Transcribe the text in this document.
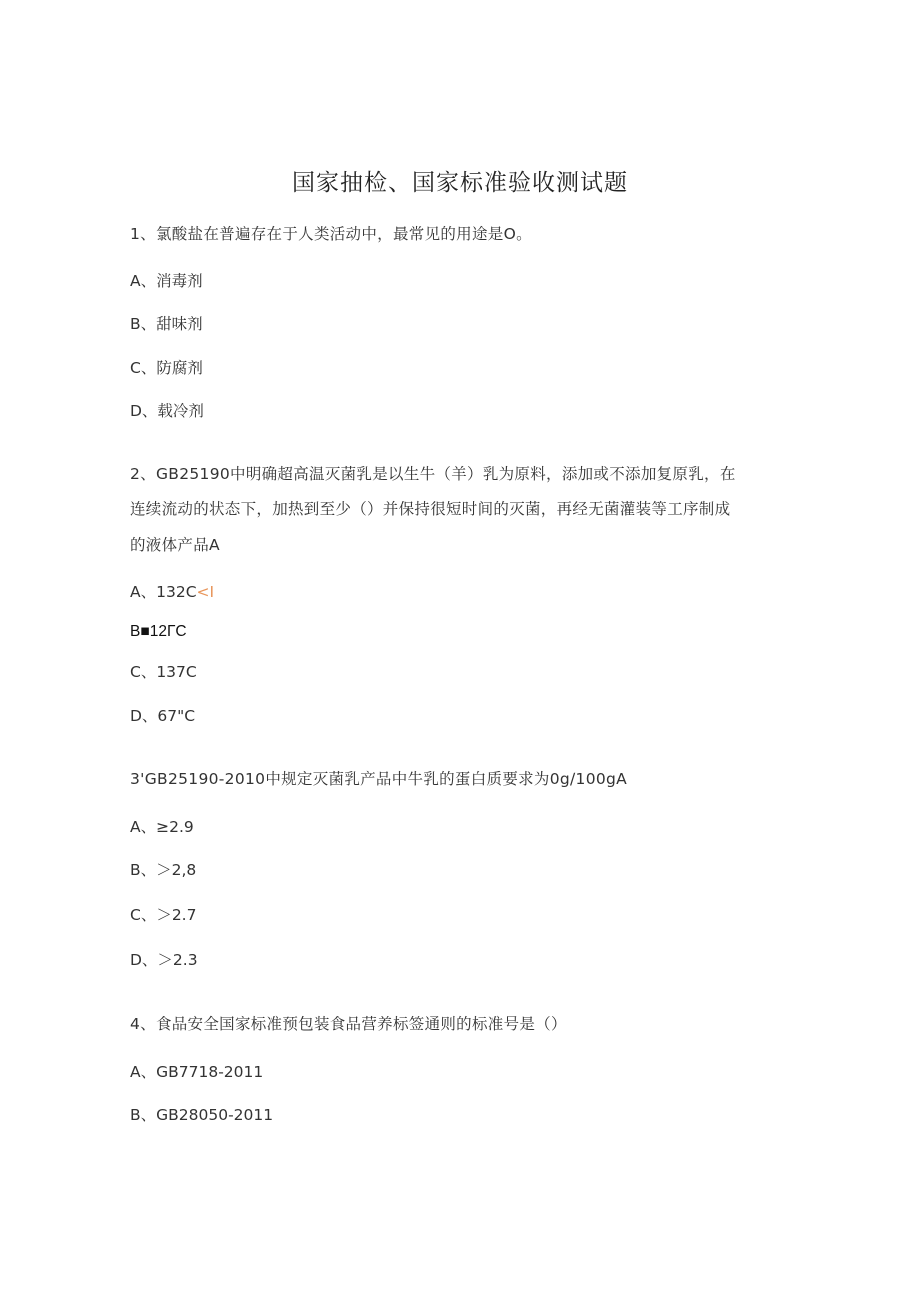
国家抽检、国家标准验收测试题
1、氯酸盐在普遍存在于人类活动中，最常见的用途是O。
A、消毒剂
B、甜味剂
C、防腐剂
D、载冷剂
2、GB25190中明确超高温灭菌乳是以生牛（羊）乳为原料，添加或不添加复原乳，在
连续流动的状态下，加热到至少（）并保持很短时间的灭菌，再经无菌灌装等工序制成
的液体产品A
A、132C<I
B■12ГC
C、137C
D、67"C
3'GB25190-2010中规定灭菌乳产品中牛乳的蛋白质要求为0g∕100gA
A、≥2.9
B、＞2,8
C、＞2.7
D、＞2.3
4、食品安全国家标准预包装食品营养标签通则的标准号是（）
A、GB7718-2011
B、GB28050-2011
